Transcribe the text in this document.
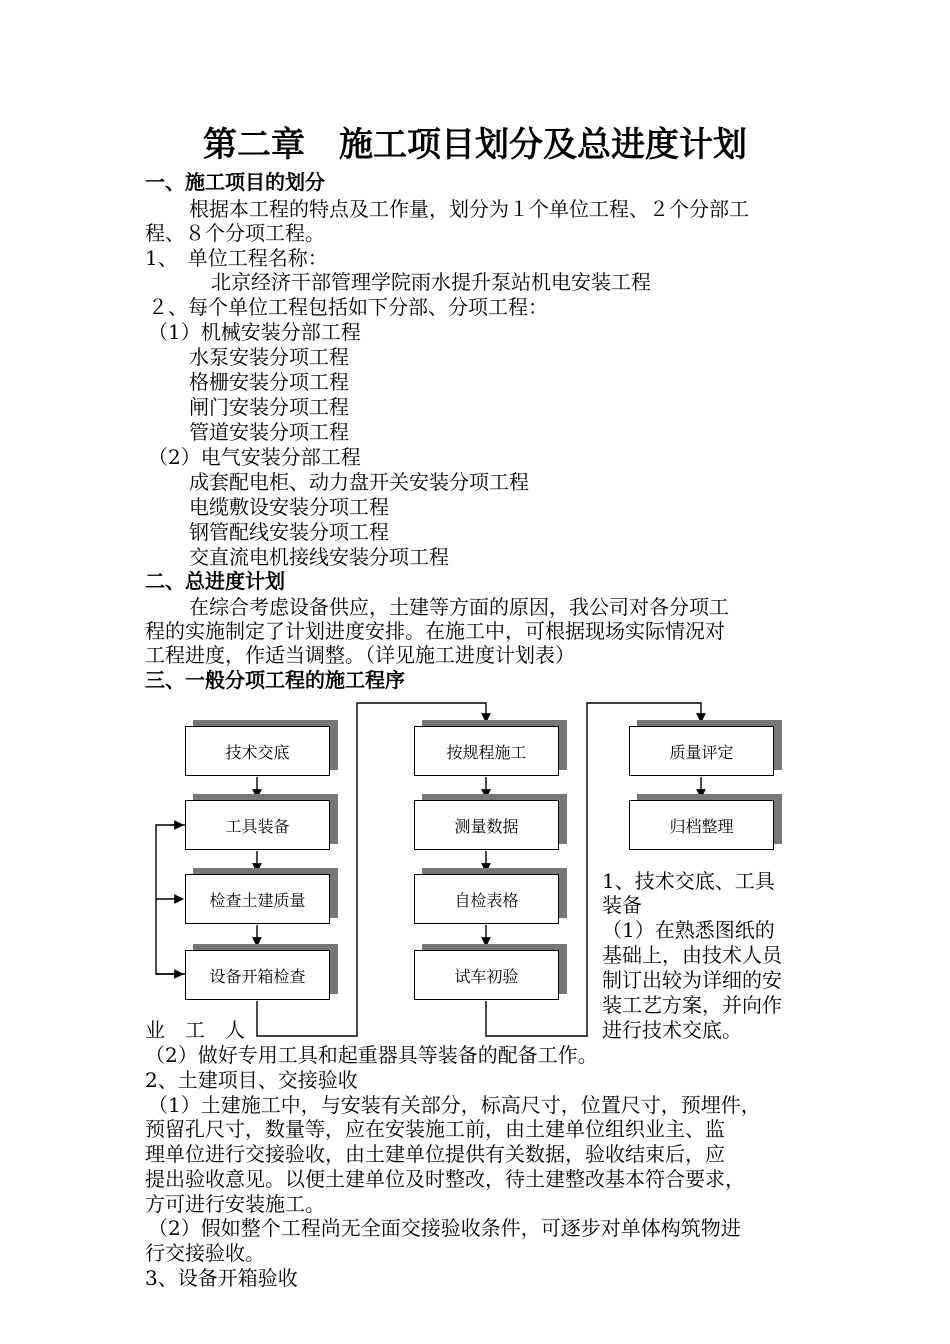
第二章　施工项目划分及总进度计划
一、施工项目的划分
根据本工程的特点及工作量，划分为１个单位工程、２个分部工
程、８个分项工程。
1、　单位工程名称：
北京经济干部管理学院雨水提升泵站机电安装工程
２、每个单位工程包括如下分部、分项工程：
（1）机械安装分部工程
水泵安装分项工程
格栅安装分项工程
闸门安装分项工程
管道安装分项工程
（2）电气安装分部工程
成套配电柜、动力盘开关安装分项工程
电缆敷设安装分项工程
钢管配线安装分项工程
交直流电机接线安装分项工程
二、总进度计划
在综合考虑设备供应，土建等方面的原因，我公司对各分项工
程的实施制定了计划进度安排。在施工中，可根据现场实际情况对
工程进度，作适当调整。（详见施工进度计划表）
三、一般分项工程的施工程序
技术交底
工具装备
检查土建质量
设备开箱检查
按规程施工
测量数据
自检表格
试车初验
质量评定
归档整理
1、技术交底、工具
装备
（1）在熟悉图纸的
基础上，由技术人员
制订出较为详细的安
装工艺方案，并向作
进行技术交底。
业　工　人
（2）做好专用工具和起重器具等装备的配备工作。
2、土建项目、交接验收
（1）土建施工中，与安装有关部分，标高尺寸，位置尺寸，预埋件，
预留孔尺寸，数量等，应在安装施工前，由土建单位组织业主、监
理单位进行交接验收，由土建单位提供有关数据，验收结束后，应
提出验收意见。以便土建单位及时整改，待土建整改基本符合要求，
方可进行安装施工。
（2）假如整个工程尚无全面交接验收条件，可逐步对单体构筑物进
行交接验收。
3、设备开箱验收
